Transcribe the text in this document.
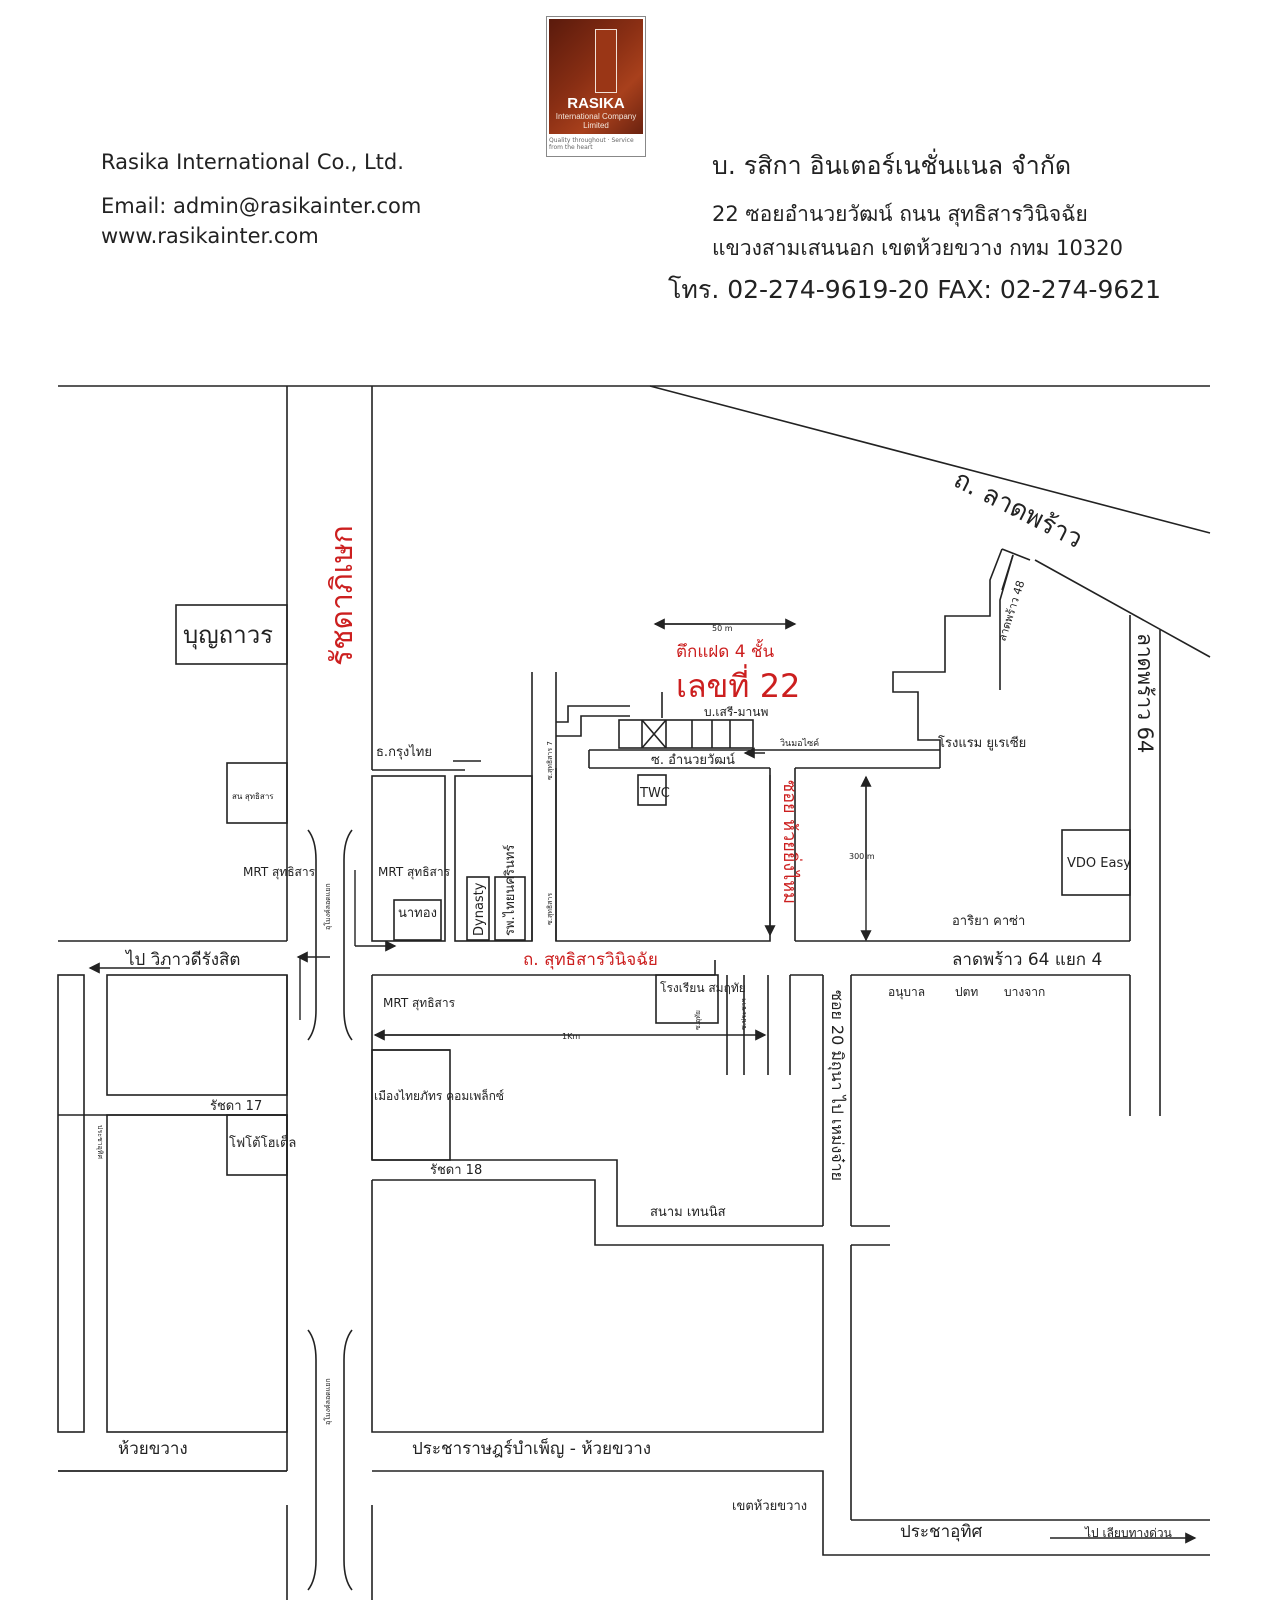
RASIKA
International Company Limited
Quality throughout · Service from the heart
Rasika International Co., Ltd.
Email: admin@rasikainter.com
www.rasikainter.com
บ. รสิกา อินเตอร์เนชั่นแนล จำกัด
22 ซอยอำนวยวัฒน์ ถนน สุทธิสารวินิจฉัย
แขวงสามเสนนอก เขตห้วยขวาง กทม 10320
โทร. 02-274-9619-20 FAX: 02-274-9621
ถ. ลาดพร้าว
รัชดาภิเษก
บุญถาวร	ลาดพร้าว 48
ลาดพร้าว 64
ตึกแฝด 4 ชั้น
เลขที่ 22
50 m
300 m
1Km
บ.เสรี-มานพ
วินมอไซค์	โรงแรม ยูเรเซีย
ซ. อำนวยวัฒน์
TWC	ซอย ห้วยยิ่งไหม
ซ.สุทธิสาร 7
ซ.สุทธิสาร
ธ.กรุงไทย
สน สุทธิสาร
MRT สุทธิสาร	MRT สุทธิสาร
MRT สุทธิสาร
อุโมงค์ลอดแยก
อุโมงค์ลอดแยก
นาทอง	Dynasty รพ.ไทยนครินทร์	VDO Easy
อาริยา คาซ่า
ไป วิภาวดีรังสิต	ถ. สุทธิสารวินิจฉัย	ลาดพร้าว 64 แยก 4
โรงเรียน สมฤทัย
ซ.อุทัย	ซ.ประชาฯ	ซอย 20 มิถุนา ไป เหม่งจ๋าย	อนุบาล ปตท บางจาก
เมืองไทยภัทร คอมเพล็กซ์
รัชดา 17
รัชดา 18
ประชาอุทิศ	โฟโต้โฮเต็ล
สนาม เทนนิส
ห้วยขวาง	ประชาราษฎร์บำเพ็ญ - ห้วยขวาง
เขตห้วยขวาง
ประชาอุทิศ	ไป เลียบทางด่วน
